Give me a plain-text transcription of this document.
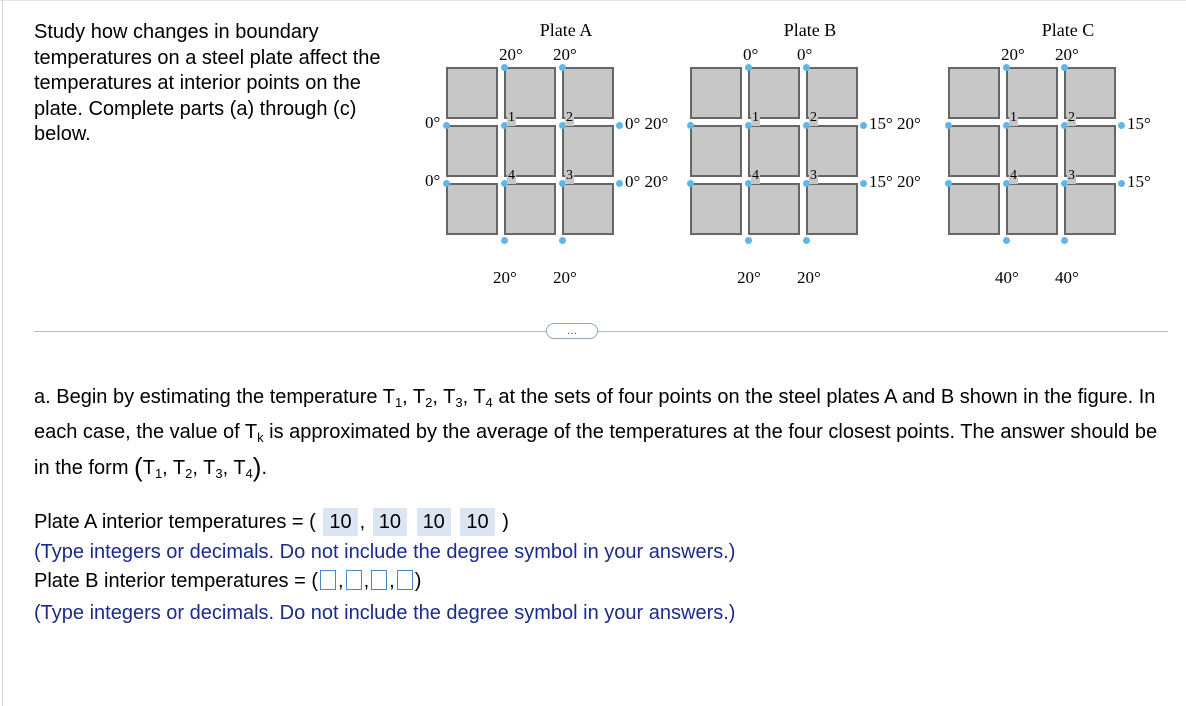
Study how changes in boundary temperatures on a steel plate affect the temperatures at interior points on the plate. Complete parts (a) through (c) below.
Plate A
20° 20°
20° 20°
1	2
3
4
0°
0°
0° 20°
0° 20°
Plate B
0° 0°
20° 20°
1	2
3
4
15° 20°
15° 20°
Plate C
20° 20°
40° 40°
1	2
3
4
15°
15°
...
a. Begin by estimating the temperature $T_1$, $T_2$, $T_3$, $T_4$ at the sets of four points on the steel plates A and B shown in the figure. In each case, the value of $T_k$ is approximated by the average of the temperatures at the four closest points. The answer should be in the form ($T_1$, $T_2$, $T_3$, $T_4$).
Plate A interior temperatures = ( 10 , 10 10 10 )
(Type integers or decimals. Do not include the degree symbol in your answers.)
Plate B interior temperatures = ( , , , )
(Type integers or decimals. Do not include the degree symbol in your answers.)
